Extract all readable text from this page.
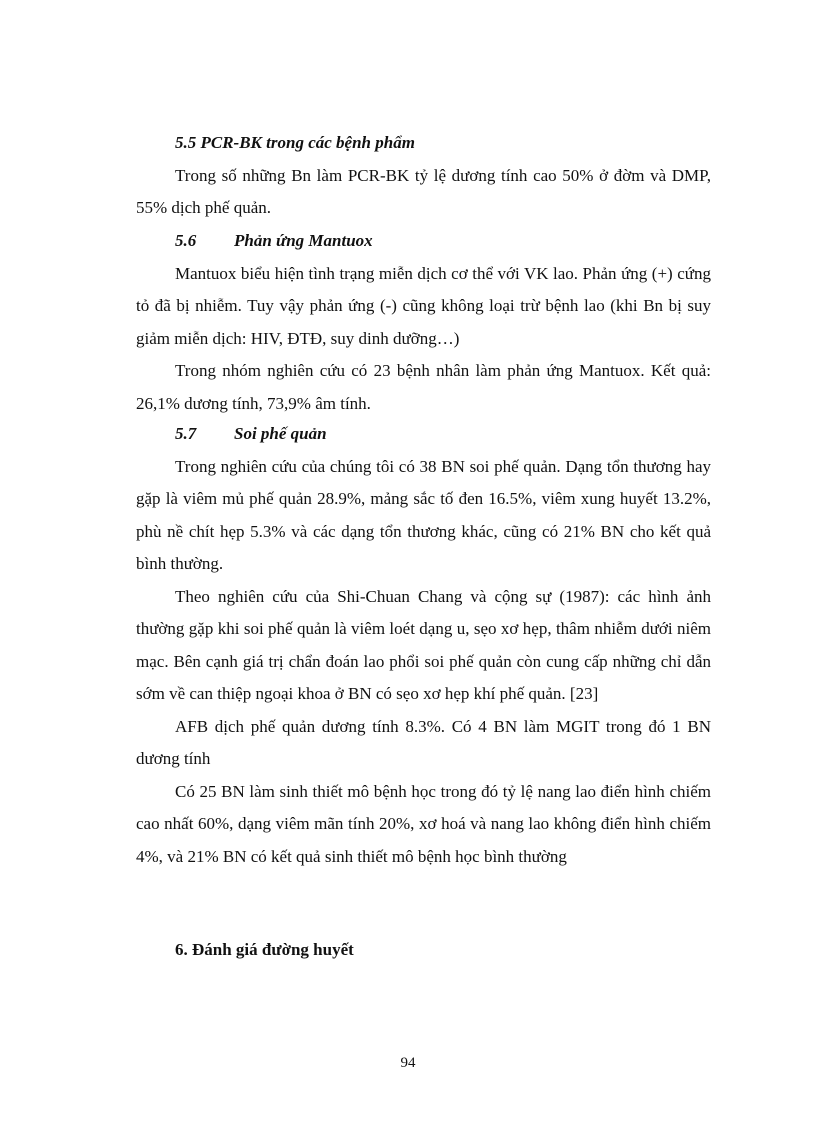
5.5 PCR-BK trong các bệnh phẩm

Trong số những Bn làm PCR-BK tỷ lệ dương tính cao 50% ở đờm và DMP, 55% dịch phế quản.

5.6 Phản ứng Mantuox

Mantuox biểu hiện tình trạng miễn dịch cơ thể với VK lao. Phản ứng (+) cứng tỏ đã bị nhiễm. Tuy vậy phản ứng (-) cũng không loại trừ bệnh lao (khi Bn bị suy giảm miễn dịch: HIV, ĐTĐ, suy dinh dưỡng…)

Trong nhóm nghiên cứu có 23 bệnh nhân làm phản ứng Mantuox. Kết quả: 26,1% dương tính, 73,9% âm tính.

5.7 Soi phế quản

Trong nghiên cứu của chúng tôi có 38 BN soi phế quản. Dạng tổn thương hay gặp là viêm mủ phế quản 28.9%, mảng sắc tố đen 16.5%, viêm xung huyết 13.2%, phù nề chít hẹp 5.3% và các dạng tổn thương khác, cũng có 21% BN cho kết quả bình thường.

Theo nghiên cứu của Shi-Chuan Chang và cộng sự (1987): các hình ảnh thường gặp khi soi phế quản là viêm loét dạng u, sẹo xơ hẹp, thâm nhiễm dưới niêm mạc. Bên cạnh giá trị chẩn đoán lao phổi soi phế quản còn cung cấp những chỉ dẫn sớm về can thiệp ngoại khoa ở BN có sẹo xơ hẹp khí phế quản. [23]

AFB dịch phế quản dương tính 8.3%. Có 4 BN làm MGIT trong đó 1 BN dương tính

Có 25 BN làm sinh thiết mô bệnh học trong đó tỷ lệ nang lao điển hình chiếm cao nhất 60%, dạng viêm mãn tính 20%, xơ hoá và nang lao không điển hình chiếm 4%, và 21% BN có kết quả sinh thiết mô bệnh học bình thường

6. Đánh giá đường huyết

94
